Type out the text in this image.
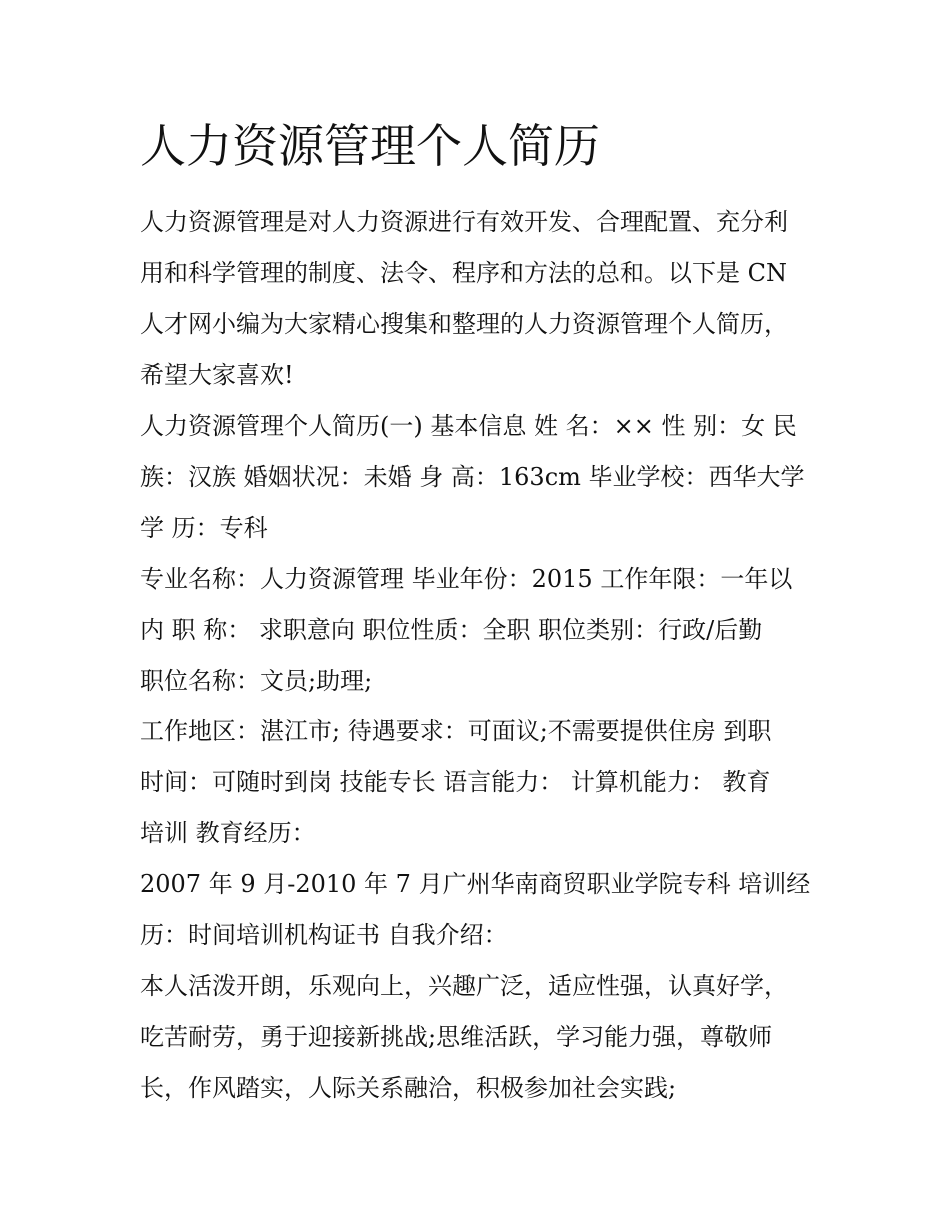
人力资源管理个人简历

人力资源管理是对人力资源进行有效开发、合理配置、充分利

用和科学管理的制度、法令、程序和方法的总和。以下是 CN

人才网小编为大家精心搜集和整理的人力资源管理个人简历，

希望大家喜欢!

人力资源管理个人简历(一) 基本信息 姓 名：×× 性 别：女 民

族：汉族 婚姻状况：未婚 身 高：163cm 毕业学校：西华大学

学 历：专科

专业名称：人力资源管理 毕业年份：2015 工作年限：一年以

内 职 称： 求职意向 职位性质：全职 职位类别：行政/后勤

职位名称：文员;助理;

工作地区：湛江市; 待遇要求：可面议;不需要提供住房 到职

时间：可随时到岗 技能专长 语言能力： 计算机能力： 教育

培训 教育经历：

2007 年 9 月-2010 年 7 月广州华南商贸职业学院专科 培训经

历：时间培训机构证书 自我介绍：

本人活泼开朗，乐观向上，兴趣广泛，适应性强，认真好学，

吃苦耐劳，勇于迎接新挑战;思维活跃，学习能力强，尊敬师

长，作风踏实，人际关系融洽，积极参加社会实践;
